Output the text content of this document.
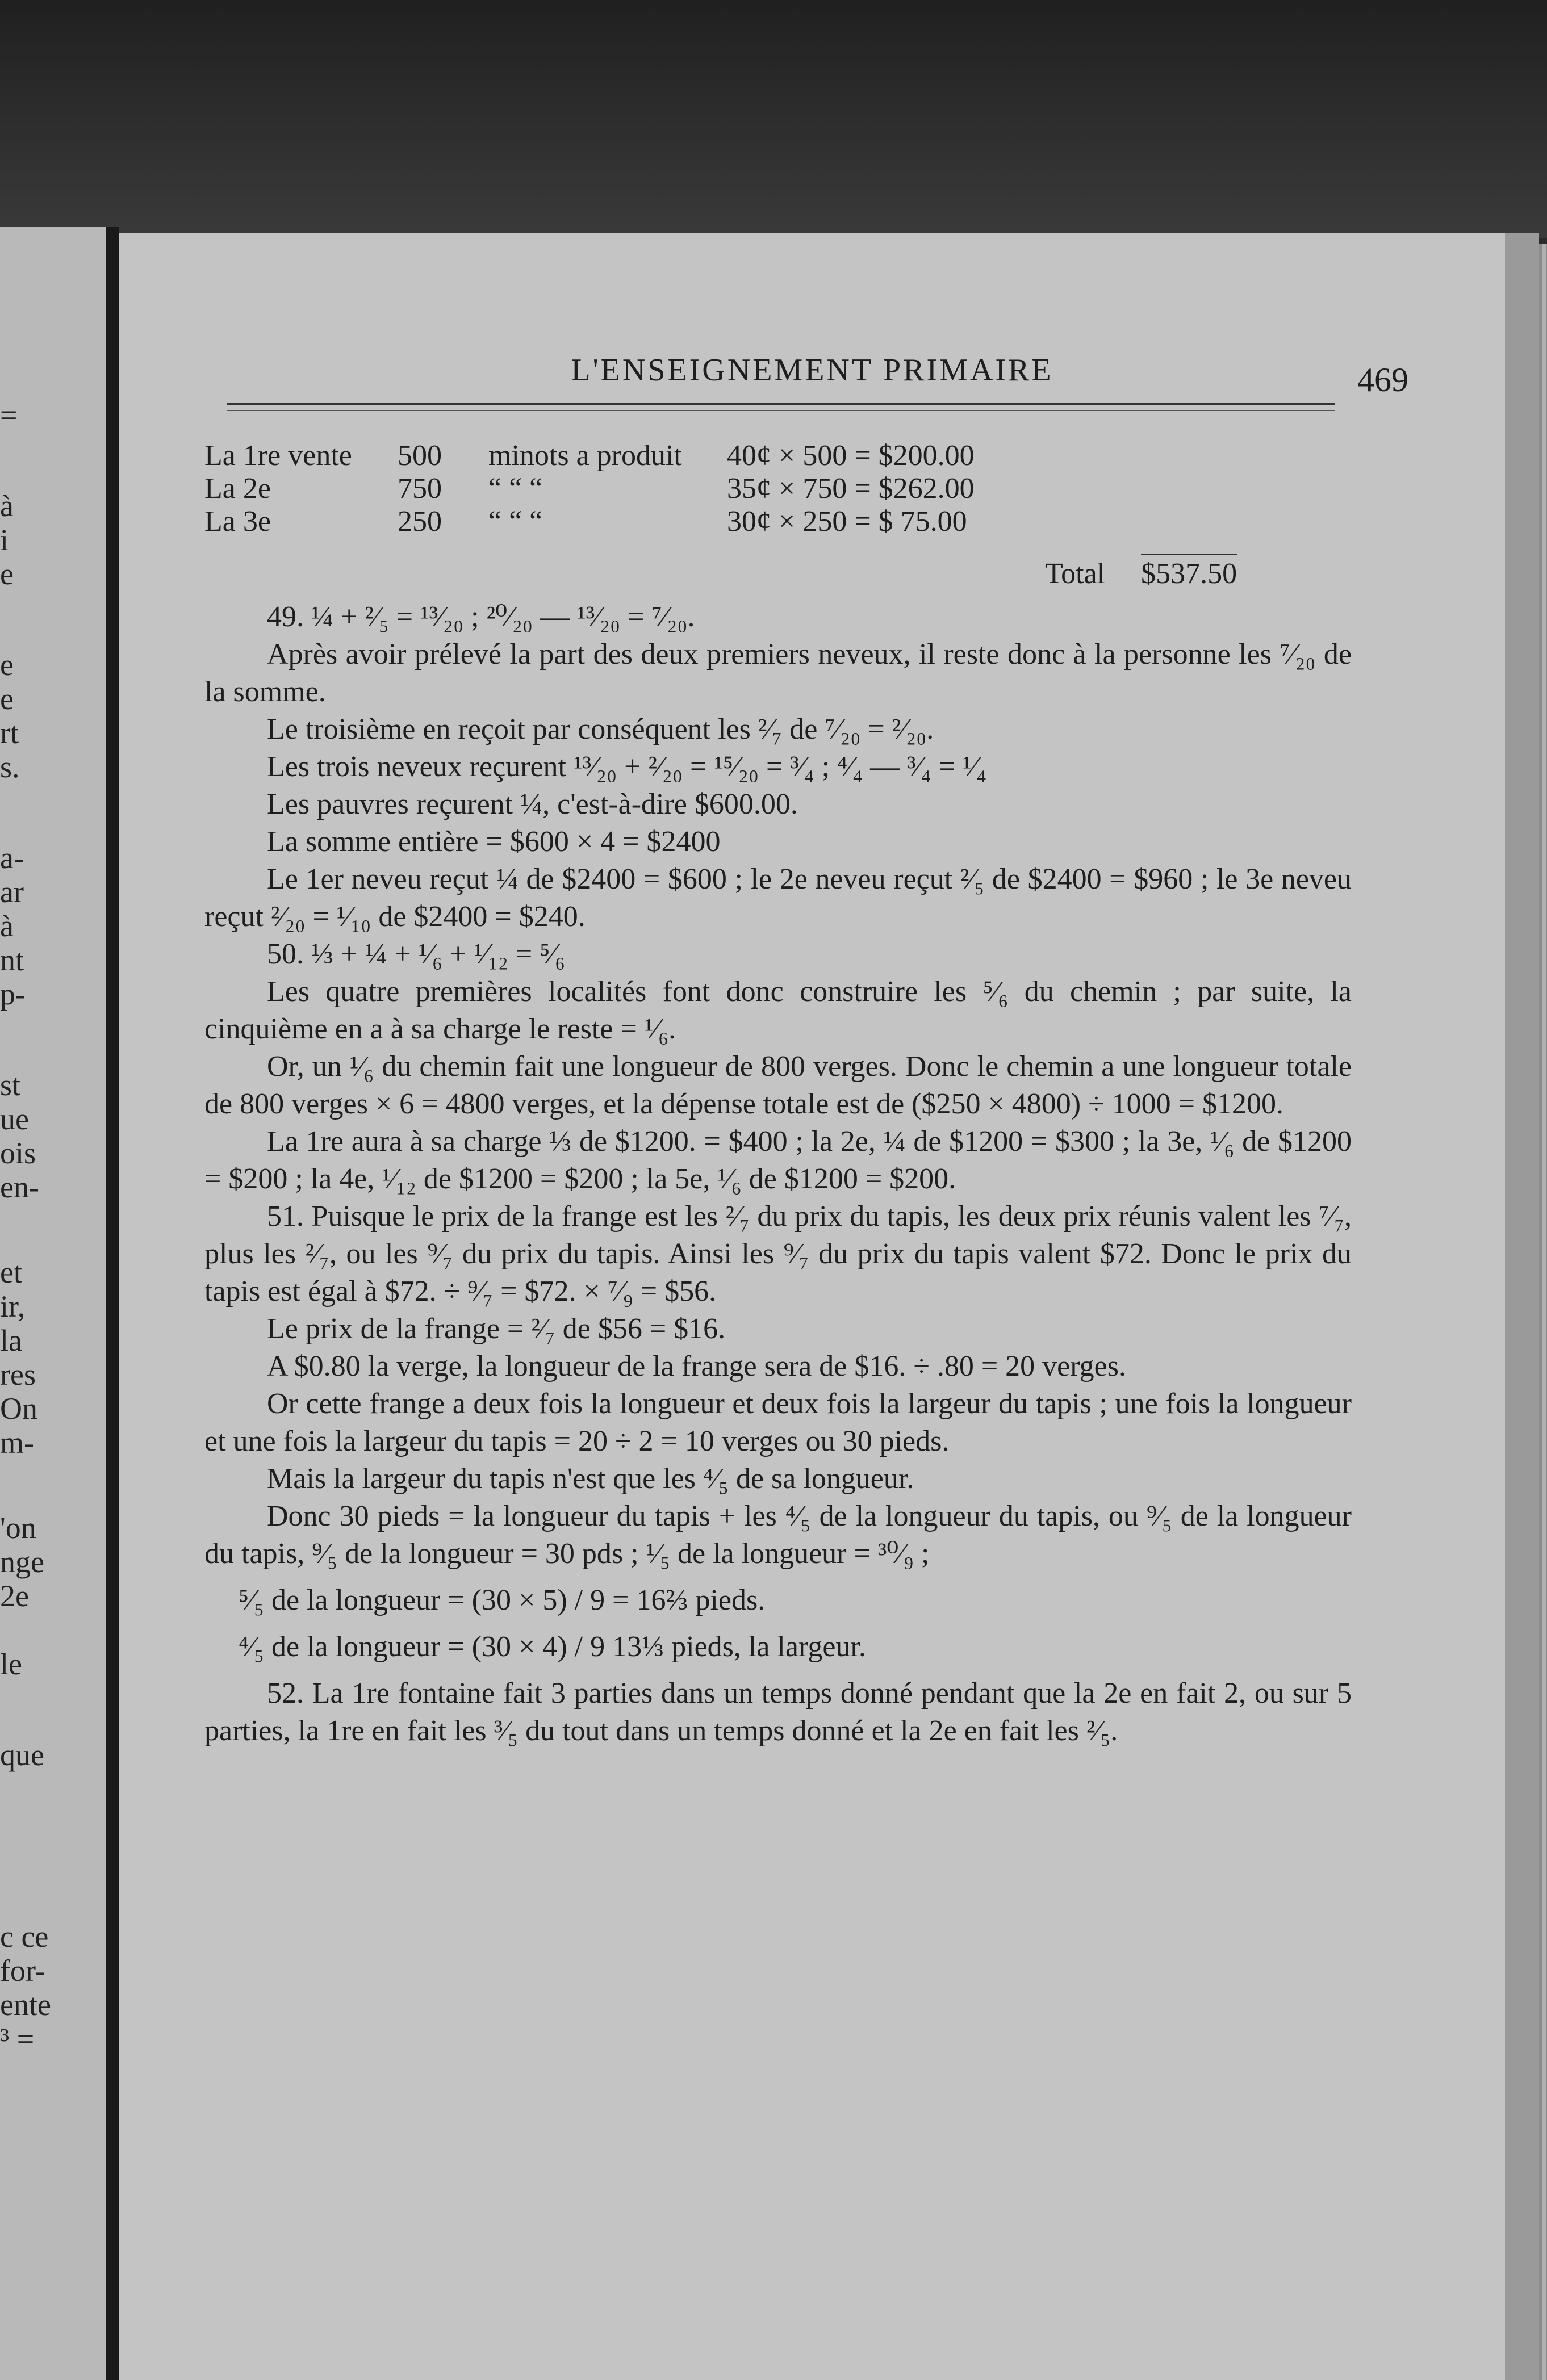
=
à
i
e
e
e
rt
s.
a-
ar
à
nt
p-
st
ue
ois
en-
et
ir,
la
res
On
m-
'on
nge
2e
le
que
c ce
for-
ente
³ =
L'ENSEIGNEMENT PRIMAIRE	469
La 1re vente	500	minots a produit	40¢ × 500 = $200.00
La 2e	750	“ “ “	35¢ × 750 = $262.00
La 3e	250	“ “ “	30¢ × 250 = $ 75.00
Total $537.50

49. ¼ + ²⁄₅ = ¹³⁄₂₀ ; ²⁰⁄₂₀ — ¹³⁄₂₀ = ⁷⁄₂₀.

Après avoir prélevé la part des deux premiers neveux, il reste donc à la personne les ⁷⁄₂₀ de la somme.

Le troisième en reçoit par conséquent les ²⁄₇ de ⁷⁄₂₀ = ²⁄₂₀.

Les trois neveux reçurent ¹³⁄₂₀ + ²⁄₂₀ = ¹⁵⁄₂₀ = ³⁄₄ ; ⁴⁄₄ — ³⁄₄ = ¹⁄₄

Les pauvres reçurent ¼, c'est-à-dire $600.00.

La somme entière = $600 × 4 = $2400

Le 1er neveu reçut ¼ de $2400 = $600 ; le 2e neveu reçut ²⁄₅ de $2400 = $960 ; le 3e neveu reçut ²⁄₂₀ = ¹⁄₁₀ de $2400 = $240.

50. ⅓ + ¼ + ¹⁄₆ + ¹⁄₁₂ = ⁵⁄₆

Les quatre premières localités font donc construire les ⁵⁄₆ du chemin ; par suite, la cinquième en a à sa charge le reste = ¹⁄₆.

Or, un ¹⁄₆ du chemin fait une longueur de 800 verges. Donc le chemin a une longueur totale de 800 verges × 6 = 4800 verges, et la dépense totale est de ($250 × 4800) ÷ 1000 = $1200.

La 1re aura à sa charge ⅓ de $1200. = $400 ; la 2e, ¼ de $1200 = $300 ; la 3e, ¹⁄₆ de $1200 = $200 ; la 4e, ¹⁄₁₂ de $1200 = $200 ; la 5e, ¹⁄₆ de $1200 = $200.

51. Puisque le prix de la frange est les ²⁄₇ du prix du tapis, les deux prix réunis valent les ⁷⁄₇, plus les ²⁄₇, ou les ⁹⁄₇ du prix du tapis. Ainsi les ⁹⁄₇ du prix du tapis valent $72. Donc le prix du tapis est égal à $72. ÷ ⁹⁄₇ = $72. × ⁷⁄₉ = $56.

Le prix de la frange = ²⁄₇ de $56 = $16.

A $0.80 la verge, la longueur de la frange sera de $16. ÷ .80 = 20 verges.

Or cette frange a deux fois la longueur et deux fois la largeur du tapis ; une fois la longueur et une fois la largeur du tapis = 20 ÷ 2 = 10 verges ou 30 pieds.

Mais la largeur du tapis n'est que les ⁴⁄₅ de sa longueur.

Donc 30 pieds = la longueur du tapis + les ⁴⁄₅ de la longueur du tapis, ou ⁹⁄₅ de la longueur du tapis, ⁹⁄₅ de la longueur = 30 pds ; ¹⁄₅ de la longueur = ³⁰⁄₉ ;

⁵⁄₅ de la longueur = (30 × 5) / 9 = 16⅔ pieds.

⁴⁄₅ de la longueur = (30 × 4) / 9 13⅓ pieds, la largeur.

52. La 1re fontaine fait 3 parties dans un temps donné pendant que la 2e en fait 2, ou sur 5 parties, la 1re en fait les ³⁄₅ du tout dans un temps donné et la 2e en fait les ²⁄₅.
